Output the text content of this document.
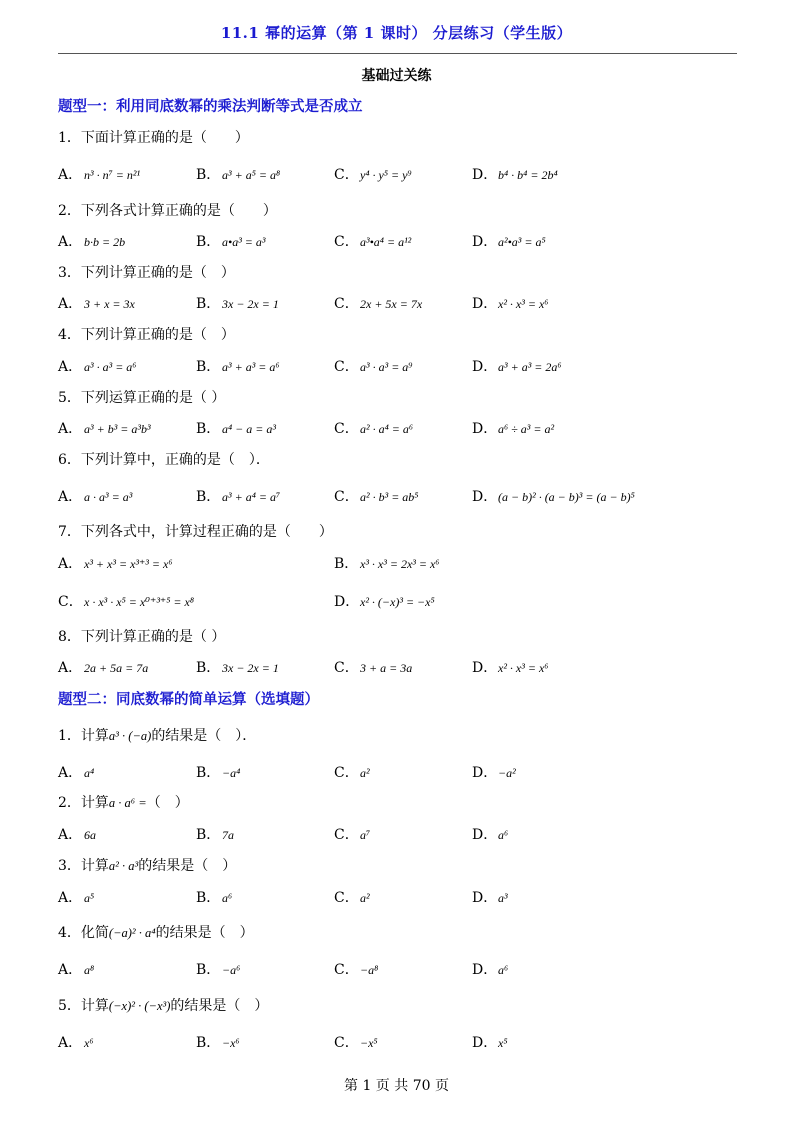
11.1 幂的运算（第 1 课时） 分层练习（学生版）
基础过关练
题型一：利用同底数幂的乘法判断等式是否成立
1．下面计算正确的是（　　）
A． n³ · n⁷ = n²¹	B． a³ + a⁵ = a⁸	C．y⁴ · y⁵ = y⁹	D．b⁴ · b⁴ = 2b⁴
2．下列各式计算正确的是（　　）
A． b·b = 2b	B． a•a³ = a³	C．a³•a⁴ = a¹²	D．a²•a³ = a⁵
3．下列计算正确的是（　）
A． 3 + x = 3x	B． 3x − 2x = 1	C．2x + 5x = 7x	D．x² · x³ = x⁶
4．下列计算正确的是（　）
A． a³ · a³ = a⁶	B． a³ + a³ = a⁶	C．a³ · a³ = a⁹	D．a³ + a³ = 2a⁶
5．下列运算正确的是（ ）
A． a³ + b³ = a³b³	B． a⁴ − a = a³	C．a² · a⁴ = a⁶	D．a⁶ ÷ a³ = a²
6．下列计算中，正确的是（　）．
A． a · a³ = a³	B． a³ + a⁴ = a⁷	C．a² · b³ = ab⁵	D．(a − b)² · (a − b)³ = (a − b)⁵
7．下列各式中，计算过程正确的是（　　）
A． x³ + x³ = x³⁺³ = x⁶	B． x³ · x³ = 2x³ = x⁶
C．x · x³ · x⁵ = x⁰⁺³⁺⁵ = x⁸	D．x² · (−x)³ = −x⁵
8．下列计算正确的是（ ）
A． 2a + 5a = 7a	B． 3x − 2x = 1	C．3 + a = 3a	D．x² · x³ = x⁶
题型二：同底数幂的简单运算（选填题）
1．计算a³ · (−a)的结果是（　）．
A． a⁴	B． −a⁴	C．a²	D．−a²
2．计算a · a⁶ =（　）
A． 6a	B． 7a	C．a⁷	D．a⁶
3．计算a² · a³的结果是（　）
A． a⁵	B． a⁶	C．a²	D．a³
4．化简(−a)² · a⁴的结果是（　）
A． a⁸	B． −a⁶	C．−a⁸	D．a⁶
5．计算(−x)² · (−x³)的结果是（　）
A． x⁶	B． −x⁶	C．−x⁵	D．x⁵
第 1 页 共 70 页
